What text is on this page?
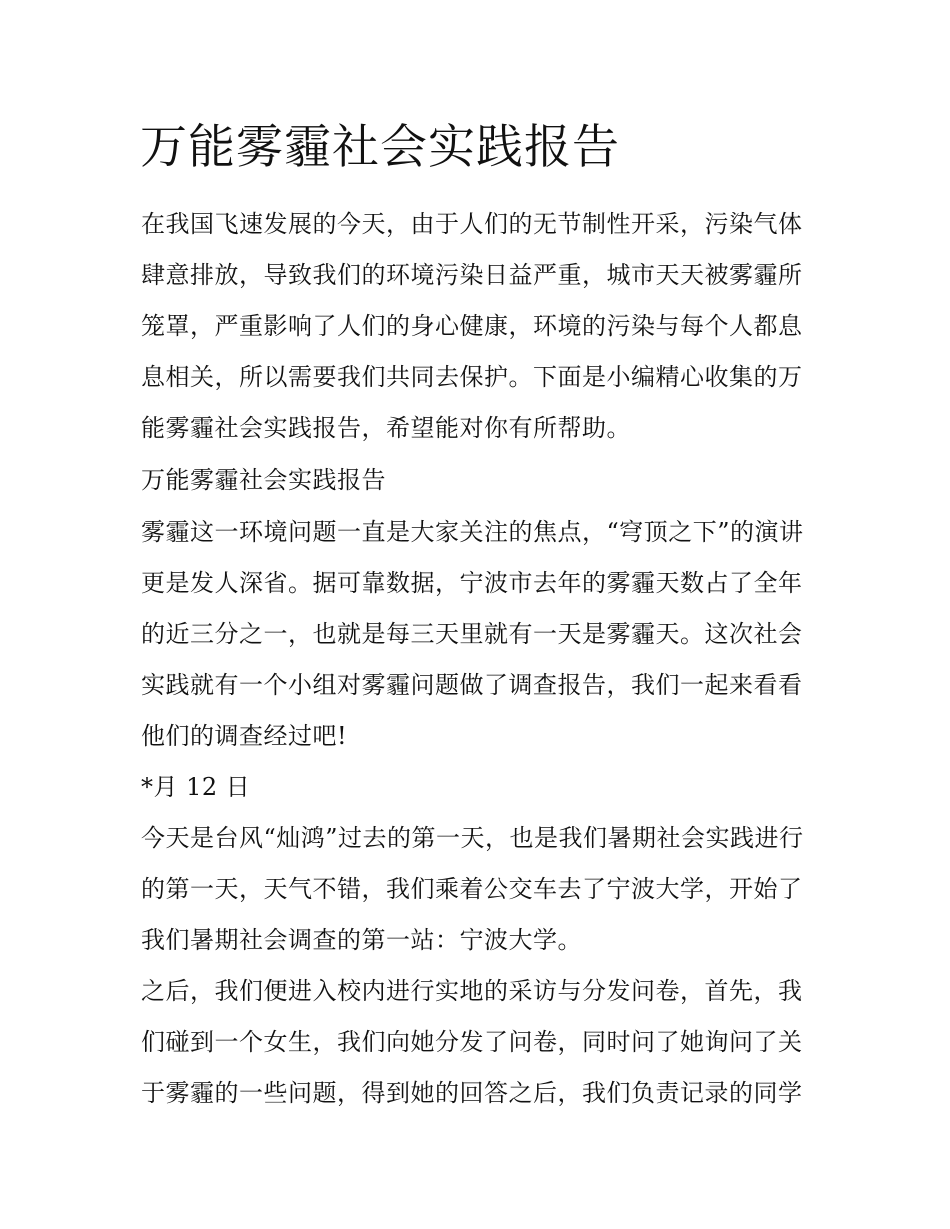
万能雾霾社会实践报告

在我国飞速发展的今天，由于人们的无节制性开采，污染气体
肆意排放，导致我们的环境污染日益严重，城市天天被雾霾所
笼罩，严重影响了人们的身心健康，环境的污染与每个人都息
息相关，所以需要我们共同去保护。下面是小编精心收集的万
能雾霾社会实践报告，希望能对你有所帮助。

万能雾霾社会实践报告

雾霾这一环境问题一直是大家关注的焦点，“穹顶之下”的演讲
更是发人深省。据可靠数据，宁波市去年的雾霾天数占了全年
的近三分之一，也就是每三天里就有一天是雾霾天。这次社会
实践就有一个小组对雾霾问题做了调查报告，我们一起来看看
他们的调查经过吧!

*月 12 日

今天是台风“灿鸿”过去的第一天，也是我们暑期社会实践进行
的第一天，天气不错，我们乘着公交车去了宁波大学，开始了
我们暑期社会调查的第一站：宁波大学。

之后，我们便进入校内进行实地的采访与分发问卷，首先，我
们碰到一个女生，我们向她分发了问卷，同时问了她询问了关
于雾霾的一些问题，得到她的回答之后，我们负责记录的同学
